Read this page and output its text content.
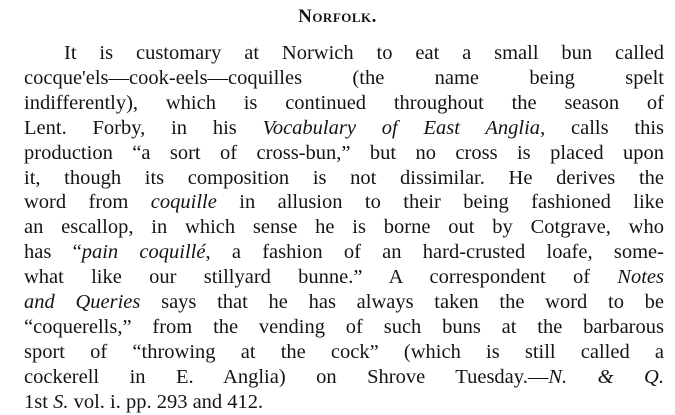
Norfolk.
It is customary at Norwich to eat a small bun called
cocque'els—cook-eels—coquilles (the name being spelt
indifferently), which is continued throughout the season of
Lent. Forby, in his Vocabulary of East Anglia, calls this
production “a sort of cross-bun,” but no cross is placed upon
it, though its composition is not dissimilar. He derives the
word from coquille in allusion to their being fashioned like
an escallop, in which sense he is borne out by Cotgrave, who
has “pain coquillé, a fashion of an hard-crusted loafe, some-
what like our stillyard bunne.” A correspondent of Notes
and Queries says that he has always taken the word to be
“coquerells,” from the vending of such buns at the barbarous
sport of “throwing at the cock” (which is still called a
cockerell in E. Anglia) on Shrove Tuesday.—N. & Q.
1st S. vol. i. pp. 293 and 412.
